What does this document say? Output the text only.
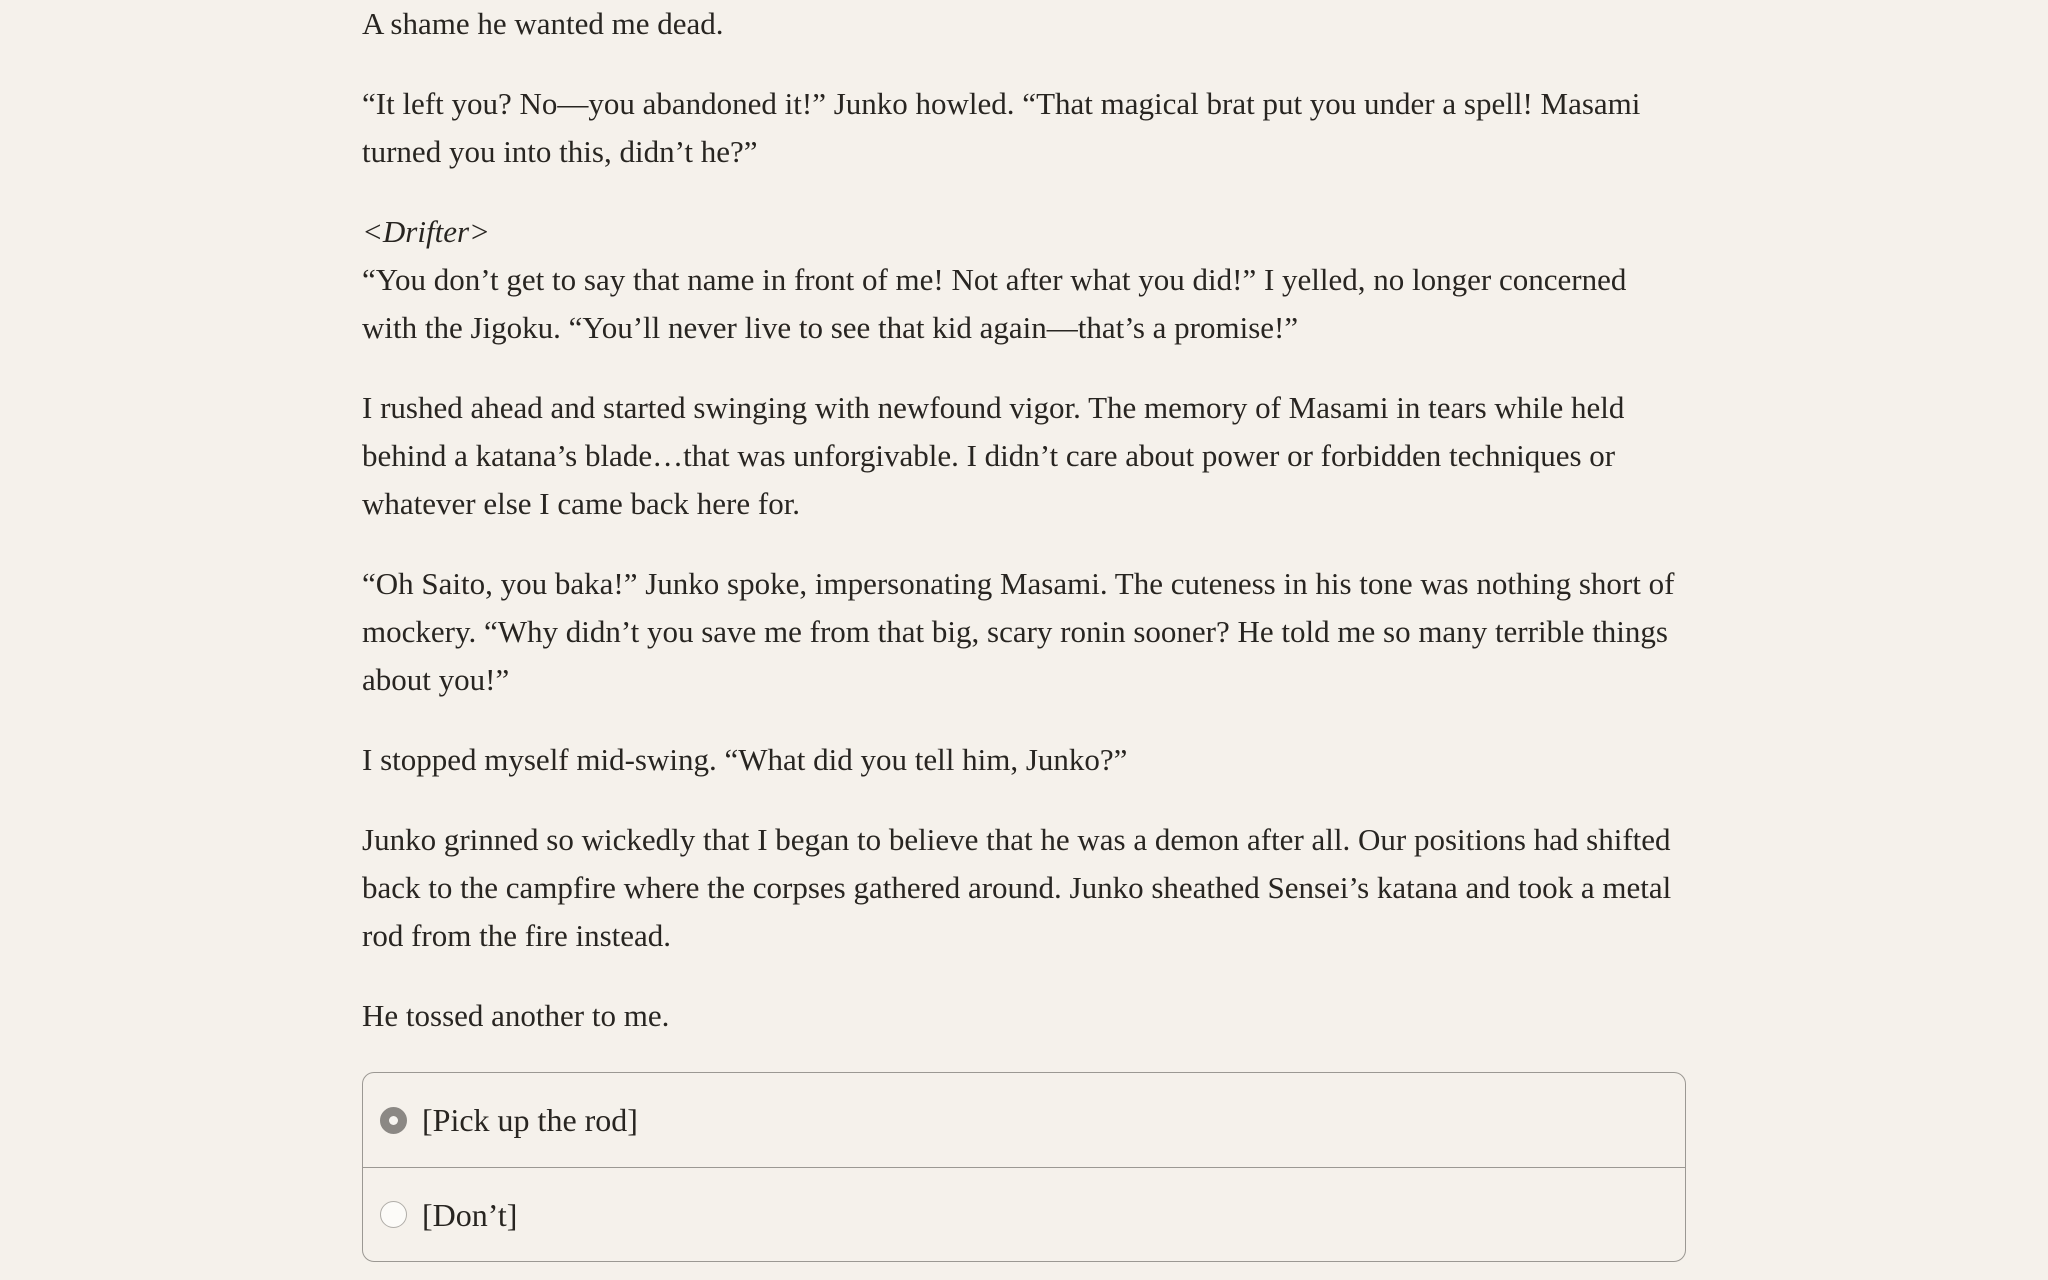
A shame he wanted me dead.

“It left you? No—you abandoned it!” Junko howled. “That magical brat put you under a spell! Masami turned you into this, didn’t he?”

<Drifter>
“You don’t get to say that name in front of me! Not after what you did!” I yelled, no longer concerned with the Jigoku. “You’ll never live to see that kid again—that’s a promise!”

I rushed ahead and started swinging with newfound vigor. The memory of Masami in tears while held behind a katana’s blade…that was unforgivable. I didn’t care about power or forbidden techniques or whatever else I came back here for.

“Oh Saito, you baka!” Junko spoke, impersonating Masami. The cuteness in his tone was nothing short of mockery. “Why didn’t you save me from that big, scary ronin sooner? He told me so many terrible things about you!”

I stopped myself mid-swing. “What did you tell him, Junko?”

Junko grinned so wickedly that I began to believe that he was a demon after all. Our positions had shifted back to the campfire where the corpses gathered around. Junko sheathed Sensei’s katana and took a metal rod from the fire instead.

He tossed another to me.

[Pick up the rod]
[Don’t]
